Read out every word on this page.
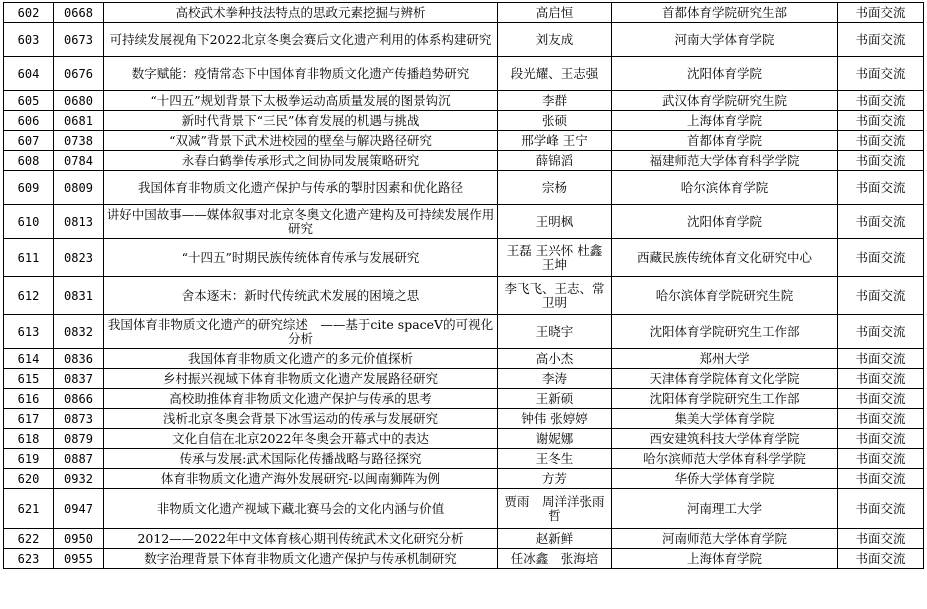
602	0668	高校武术拳种技法特点的思政元素挖掘与辨析	高启恒	首都体育学院研究生部	书面交流
603	0673	可持续发展视角下2022北京冬奥会赛后文化遗产利用的体系构建研究	刘友成	河南大学体育学院	书面交流
604	0676	数字赋能：疫情常态下中国体育非物质文化遗产传播趋势研究	段光耀、王志强	沈阳体育学院	书面交流
605	0680	“十四五”规划背景下太极拳运动高质量发展的图景钩沉	李群	武汉体育学院研究生院	书面交流
606	0681	新时代背景下“三民”体育发展的机遇与挑战	张硕	上海体育学院	书面交流
607	0738	“双减”背景下武术进校园的壁垒与解决路径研究	邢学峰 王宁	首都体育学院	书面交流
608	0784	永春白鹤拳传承形式之间协同发展策略研究	薛锦滔	福建师范大学体育科学学院	书面交流
609	0809	我国体育非物质文化遗产保护与传承的掣肘因素和优化路径	宗杨	哈尔滨体育学院	书面交流
610	0813	讲好中国故事——媒体叙事对北京冬奥文化遗产建构及可持续发展作用研究	王明枫	沈阳体育学院	书面交流
611	0823	“十四五”时期民族传统体育传承与发展研究	王磊 王兴怀 杜鑫 王坤	西藏民族传统体育文化研究中心	书面交流
612	0831	舍本逐末：新时代传统武术发展的困境之思	李飞飞、王志、常卫明	哈尔滨体育学院研究生院	书面交流
613	0832	我国体育非物质文化遗产的研究综述　——基于cite spaceⅤ的可视化分析	王晓宇	沈阳体育学院研究生工作部	书面交流
614	0836	我国体育非物质文化遗产的多元价值探析	高小杰	郑州大学	书面交流
615	0837	乡村振兴视域下体育非物质文化遗产发展路径研究	李涛	天津体育学院体育文化学院	书面交流
616	0866	高校助推体育非物质文化遗产保护与传承的思考	王新硕	沈阳体育学院研究生工作部	书面交流
617	0873	浅析北京冬奥会背景下冰雪运动的传承与发展研究	钟伟 张婷婷	集美大学体育学院	书面交流
618	0879	文化自信在北京2022年冬奥会开幕式中的表达	谢妮娜	西安建筑科技大学体育学院	书面交流
619	0887	传承与发展:武术国际化传播战略与路径探究	王冬生	哈尔滨师范大学体育科学学院	书面交流
620	0932	体育非物质文化遗产海外发展研究-以闽南狮阵为例	方芳	华侨大学体育学院	书面交流
621	0947	非物质文化遗产视域下藏北赛马会的文化内涵与价值	贾雨　周洋洋张雨哲	河南理工大学	书面交流
622	0950	2012——2022年中文体育核心期刊传统武术文化研究分析	赵新鲜	河南师范大学体育学院	书面交流
623	0955	数字治理背景下体育非物质文化遗产保护与传承机制研究	任冰鑫　张海培	上海体育学院	书面交流
